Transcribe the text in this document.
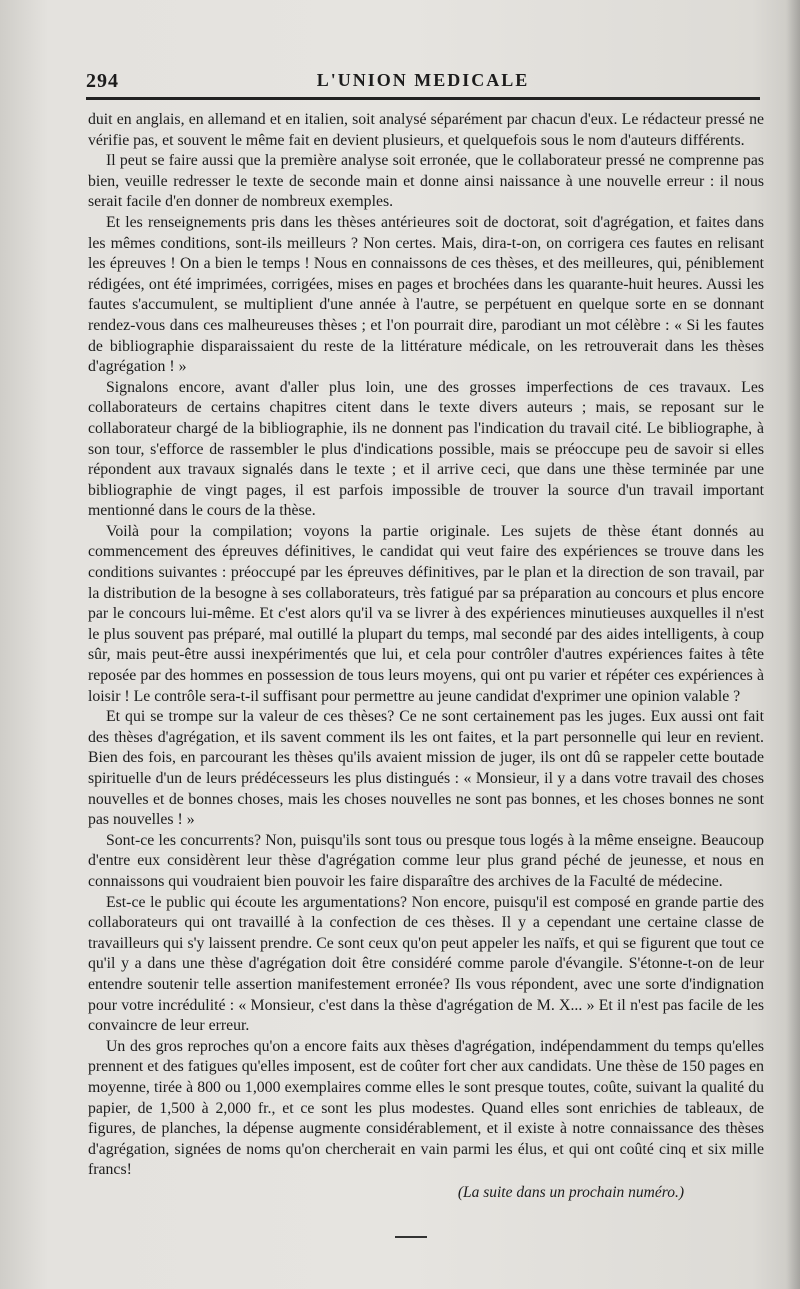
294	L'UNION MEDICALE

duit en anglais, en allemand et en italien, soit analysé séparément par chacun d'eux. Le rédacteur pressé ne vérifie pas, et souvent le même fait en devient plusieurs, et quelquefois sous le nom d'auteurs différents.

Il peut se faire aussi que la première analyse soit erronée, que le collaborateur pressé ne comprenne pas bien, veuille redresser le texte de seconde main et donne ainsi naissance à une nouvelle erreur : il nous serait facile d'en donner de nombreux exemples.

Et les renseignements pris dans les thèses antérieures soit de doctorat, soit d'agrégation, et faites dans les mêmes conditions, sont-ils meilleurs ? Non certes. Mais, dira-t-on, on corrigera ces fautes en relisant les épreuves ! On a bien le temps ! Nous en connaissons de ces thèses, et des meilleures, qui, péniblement rédigées, ont été imprimées, corrigées, mises en pages et brochées dans les quarante-huit heures. Aussi les fautes s'accumulent, se multiplient d'une année à l'autre, se perpétuent en quelque sorte en se donnant rendez-vous dans ces malheureuses thèses ; et l'on pourrait dire, parodiant un mot célèbre : « Si les fautes de bibliographie disparaissaient du reste de la littérature médicale, on les retrouverait dans les thèses d'agrégation ! »

Signalons encore, avant d'aller plus loin, une des grosses imperfections de ces travaux. Les collaborateurs de certains chapitres citent dans le texte divers auteurs ; mais, se reposant sur le collaborateur chargé de la bibliographie, ils ne donnent pas l'indication du travail cité. Le bibliographe, à son tour, s'efforce de rassembler le plus d'indications possible, mais se préoccupe peu de savoir si elles répondent aux travaux signalés dans le texte ; et il arrive ceci, que dans une thèse terminée par une bibliographie de vingt pages, il est parfois impossible de trouver la source d'un travail important mentionné dans le cours de la thèse.

Voilà pour la compilation; voyons la partie originale. Les sujets de thèse étant donnés au commencement des épreuves définitives, le candidat qui veut faire des expériences se trouve dans les conditions suivantes : préoccupé par les épreuves définitives, par le plan et la direction de son travail, par la distribution de la besogne à ses collaborateurs, très fatigué par sa préparation au concours et plus encore par le concours lui-même. Et c'est alors qu'il va se livrer à des expériences minutieuses auxquelles il n'est le plus souvent pas préparé, mal outillé la plupart du temps, mal secondé par des aides intelligents, à coup sûr, mais peut-être aussi inexpérimentés que lui, et cela pour contrôler d'autres expériences faites à tête reposée par des hommes en possession de tous leurs moyens, qui ont pu varier et répéter ces expériences à loisir ! Le contrôle sera-t-il suffisant pour permettre au jeune candidat d'exprimer une opinion valable ?

Et qui se trompe sur la valeur de ces thèses? Ce ne sont certainement pas les juges. Eux aussi ont fait des thèses d'agrégation, et ils savent comment ils les ont faites, et la part personnelle qui leur en revient. Bien des fois, en parcourant les thèses qu'ils avaient mission de juger, ils ont dû se rappeler cette boutade spirituelle d'un de leurs prédécesseurs les plus distingués : « Monsieur, il y a dans votre travail des choses nouvelles et de bonnes choses, mais les choses nouvelles ne sont pas bonnes, et les choses bonnes ne sont pas nouvelles ! »

Sont-ce les concurrents? Non, puisqu'ils sont tous ou presque tous logés à la même enseigne. Beaucoup d'entre eux considèrent leur thèse d'agrégation comme leur plus grand péché de jeunesse, et nous en connaissons qui voudraient bien pouvoir les faire disparaître des archives de la Faculté de médecine.

Est-ce le public qui écoute les argumentations? Non encore, puisqu'il est composé en grande partie des collaborateurs qui ont travaillé à la confection de ces thèses. Il y a cependant une certaine classe de travailleurs qui s'y laissent prendre. Ce sont ceux qu'on peut appeler les naïfs, et qui se figurent que tout ce qu'il y a dans une thèse d'agrégation doit être considéré comme parole d'évangile. S'étonne-t-on de leur entendre soutenir telle assertion manifestement erronée? Ils vous répondent, avec une sorte d'indignation pour votre incrédulité : « Monsieur, c'est dans la thèse d'agrégation de M. X... » Et il n'est pas facile de les convaincre de leur erreur.

Un des gros reproches qu'on a encore faits aux thèses d'agrégation, indépendamment du temps qu'elles prennent et des fatigues qu'elles imposent, est de coûter fort cher aux candidats. Une thèse de 150 pages en moyenne, tirée à 800 ou 1,000 exemplaires comme elles le sont presque toutes, coûte, suivant la qualité du papier, de 1,500 à 2,000 fr., et ce sont les plus modestes. Quand elles sont enrichies de tableaux, de figures, de planches, la dépense augmente considérablement, et il existe à notre connaissance des thèses d'agrégation, signées de noms qu'on chercherait en vain parmi les élus, et qui ont coûté cinq et six mille francs!

(La suite dans un prochain numéro.)
